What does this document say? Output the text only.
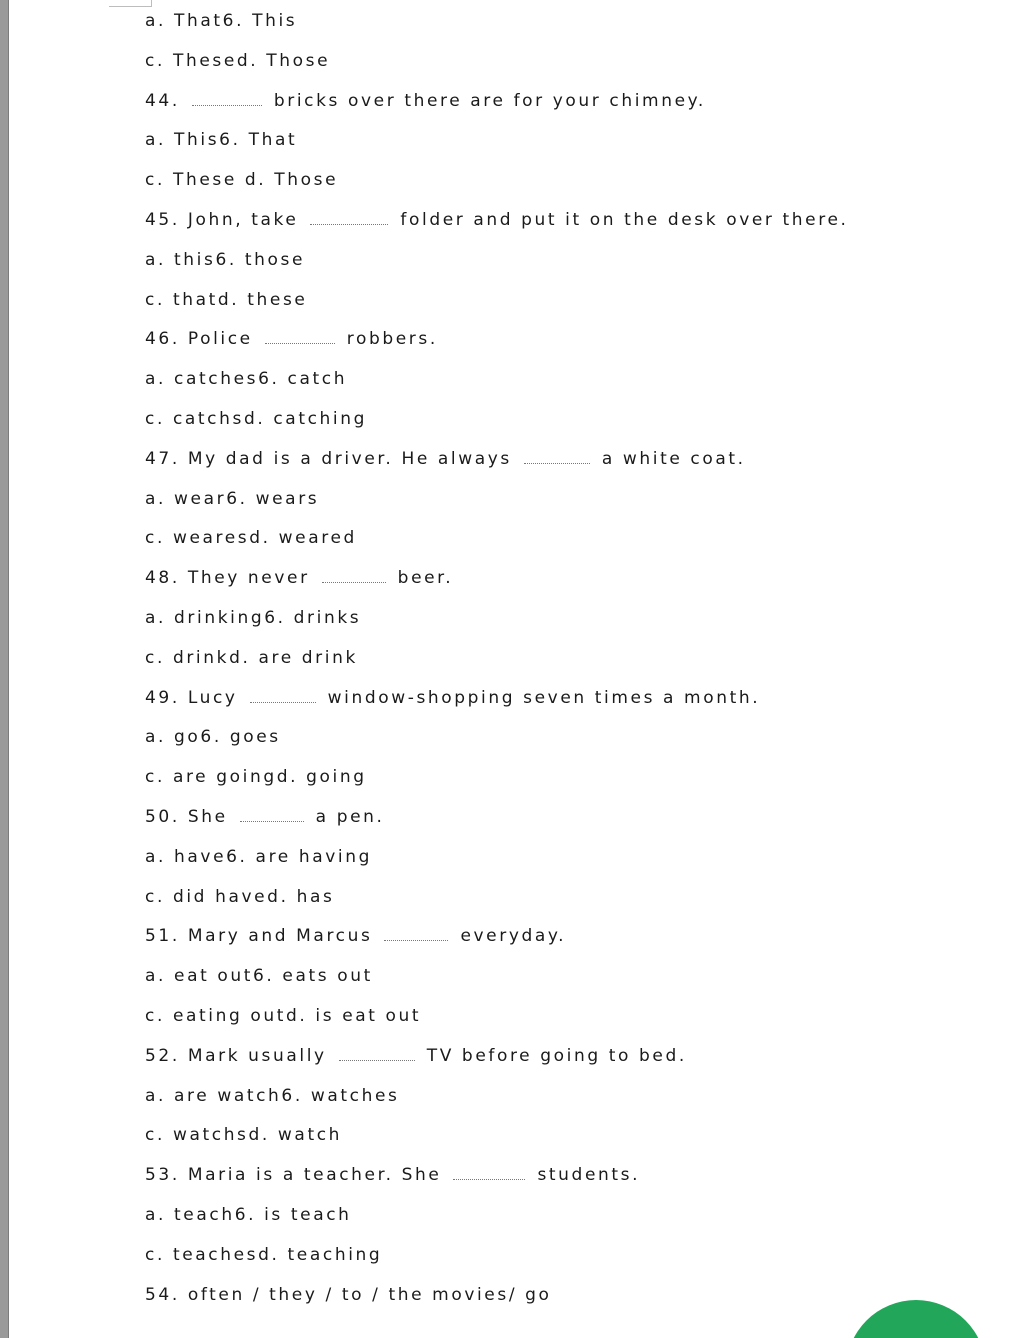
a. That6. This
c. Thesed. Those
44.	bricks over there are for your chimney.
a. This6. That
c. These d. Those
45. John, take	folder and put it on the desk over there.
a. this6. those
c. thatd. these
46. Police	robbers.
a. catches6. catch
c. catchsd. catching
47. My dad is a driver. He always	a white coat.
a. wear6. wears
c. wearesd. weared
48. They never	beer.
a. drinking6. drinks
c. drinkd. are drink
49. Lucy	window-shopping seven times a month.
a. go6. goes
c. are goingd. going
50. She	a pen.
a. have6. are having
c. did haved. has
51. Mary and Marcus	everyday.
a. eat out6. eats out
c. eating outd. is eat out
52. Mark usually	TV before going to bed.
a. are watch6. watches
c. watchsd. watch
53. Maria is a teacher. She	students.
a. teach6. is teach
c. teachesd. teaching
54. often / they / to / the movies/ go
